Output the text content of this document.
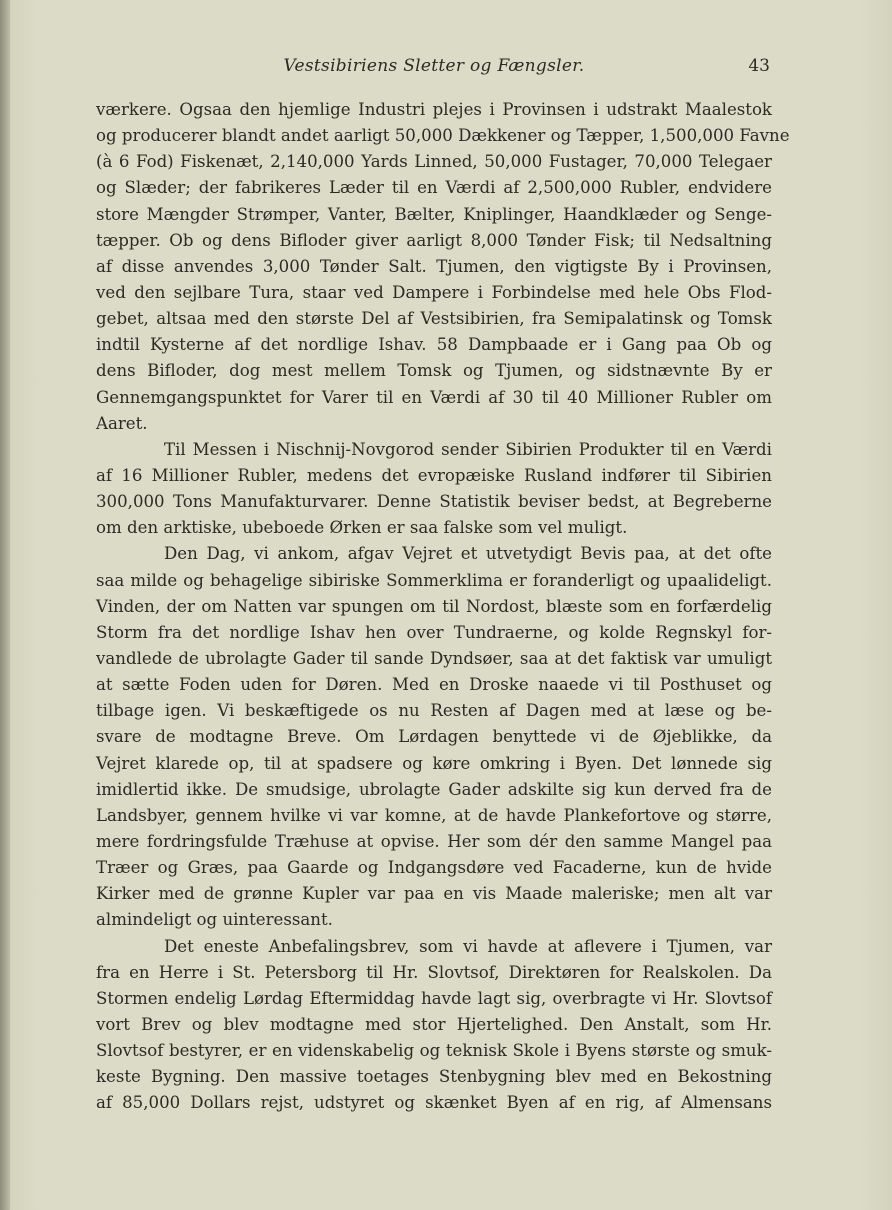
Vestsibiriens Sletter og Fængsler.	43
værkere. Ogsaa den hjemlige Industri plejes i Provinsen i udstrakt Maalestok
og producerer blandt andet aarligt 50,000 Dækkener og Tæpper, 1,500,000 Favne
(à 6 Fod) Fiskenæt, 2,140,000 Yards Linned, 50,000 Fustager, 70,000 Telegaer
og Slæder; der fabrikeres Læder til en Værdi af 2,500,000 Rubler, endvidere
store Mængder Strømper, Vanter, Bælter, Kniplinger, Haandklæder og Senge-
tæpper. Ob og dens Bifloder giver aarligt 8,000 Tønder Fisk; til Nedsaltning
af disse anvendes 3,000 Tønder Salt. Tjumen, den vigtigste By i Provinsen,
ved den sejlbare Tura, staar ved Dampere i Forbindelse med hele Obs Flod-
gebet, altsaa med den største Del af Vestsibirien, fra Semipalatinsk og Tomsk
indtil Kysterne af det nordlige Ishav. 58 Dampbaade er i Gang paa Ob og
dens Bifloder, dog mest mellem Tomsk og Tjumen, og sidstnævnte By er
Gennemgangspunktet for Varer til en Værdi af 30 til 40 Millioner Rubler om
Aaret.
Til Messen i Nischnij-Novgorod sender Sibirien Produkter til en Værdi
af 16 Millioner Rubler, medens det evropæiske Rusland indfører til Sibirien
300,000 Tons Manufakturvarer. Denne Statistik beviser bedst, at Begreberne
om den arktiske, ubeboede Ørken er saa falske som vel muligt.
Den Dag, vi ankom, afgav Vejret et utvetydigt Bevis paa, at det ofte
saa milde og behagelige sibiriske Sommerklima er foranderligt og upaalideligt.
Vinden, der om Natten var spungen om til Nordost, blæste som en forfærdelig
Storm fra det nordlige Ishav hen over Tundraerne, og kolde Regnskyl for-
vandlede de ubrolagte Gader til sande Dyndsøer, saa at det faktisk var umuligt
at sætte Foden uden for Døren. Med en Droske naaede vi til Posthuset og
tilbage igen. Vi beskæftigede os nu Resten af Dagen med at læse og be-
svare de modtagne Breve. Om Lørdagen benyttede vi de Øjeblikke, da
Vejret klarede op, til at spadsere og køre omkring i Byen. Det lønnede sig
imidlertid ikke. De smudsige, ubrolagte Gader adskilte sig kun derved fra de
Landsbyer, gennem hvilke vi var komne, at de havde Plankefortove og større,
mere fordringsfulde Træhuse at opvise. Her som dér den samme Mangel paa
Træer og Græs, paa Gaarde og Indgangsdøre ved Facaderne, kun de hvide
Kirker med de grønne Kupler var paa en vis Maade maleriske; men alt var
almindeligt og uinteressant.
Det eneste Anbefalingsbrev, som vi havde at aflevere i Tjumen, var
fra en Herre i St. Petersborg til Hr. Slovtsof, Direktøren for Realskolen. Da
Stormen endelig Lørdag Eftermiddag havde lagt sig, overbragte vi Hr. Slovtsof
vort Brev og blev modtagne med stor Hjertelighed. Den Anstalt, som Hr.
Slovtsof bestyrer, er en videnskabelig og teknisk Skole i Byens største og smuk-
keste Bygning. Den massive toetages Stenbygning blev med en Bekostning
af 85,000 Dollars rejst, udstyret og skænket Byen af en rig, af Almensans
